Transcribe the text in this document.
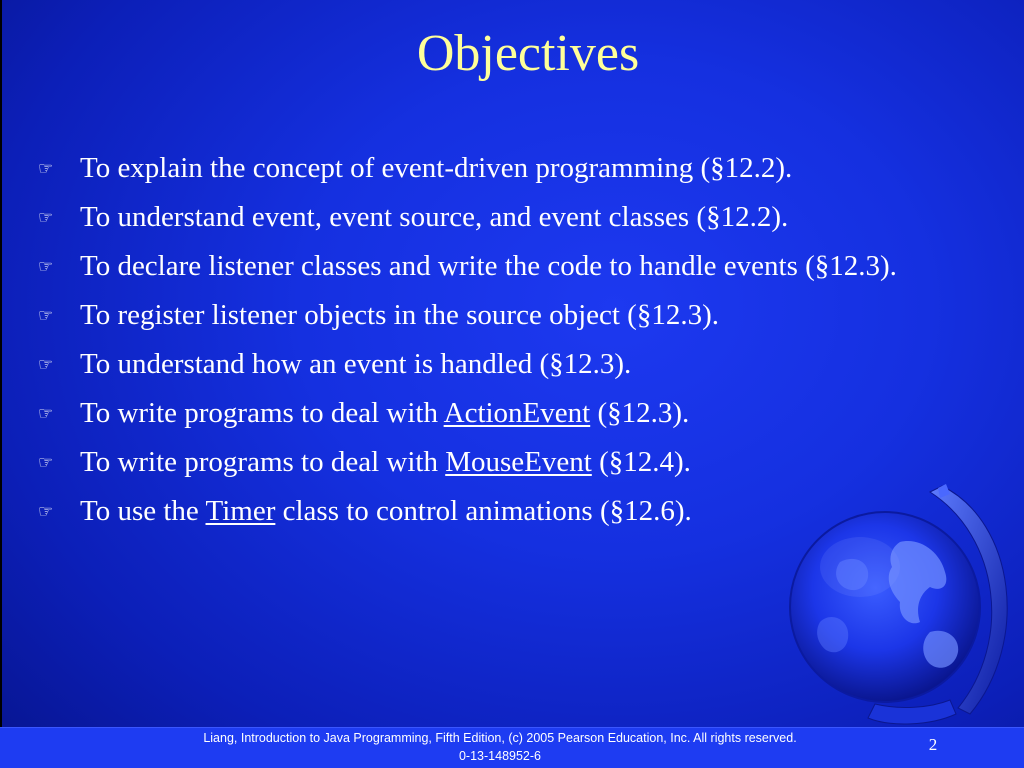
Objectives
☞ To explain the concept of event-driven programming (§12.2).
☞ To understand event, event source, and event classes (§12.2).
☞ To declare listener classes and write the code to handle events (§12.3).
☞ To register listener objects in the source object (§12.3).
☞ To understand how an event is handled (§12.3).
☞ To write programs to deal with ActionEvent (§12.3).
☞ To write programs to deal with MouseEvent (§12.4).
☞ To use the Timer class to control animations (§12.6).
Liang, Introduction to Java Programming, Fifth Edition, (c) 2005 Pearson Education, Inc. All rights reserved. 0-13-148952-6
2
